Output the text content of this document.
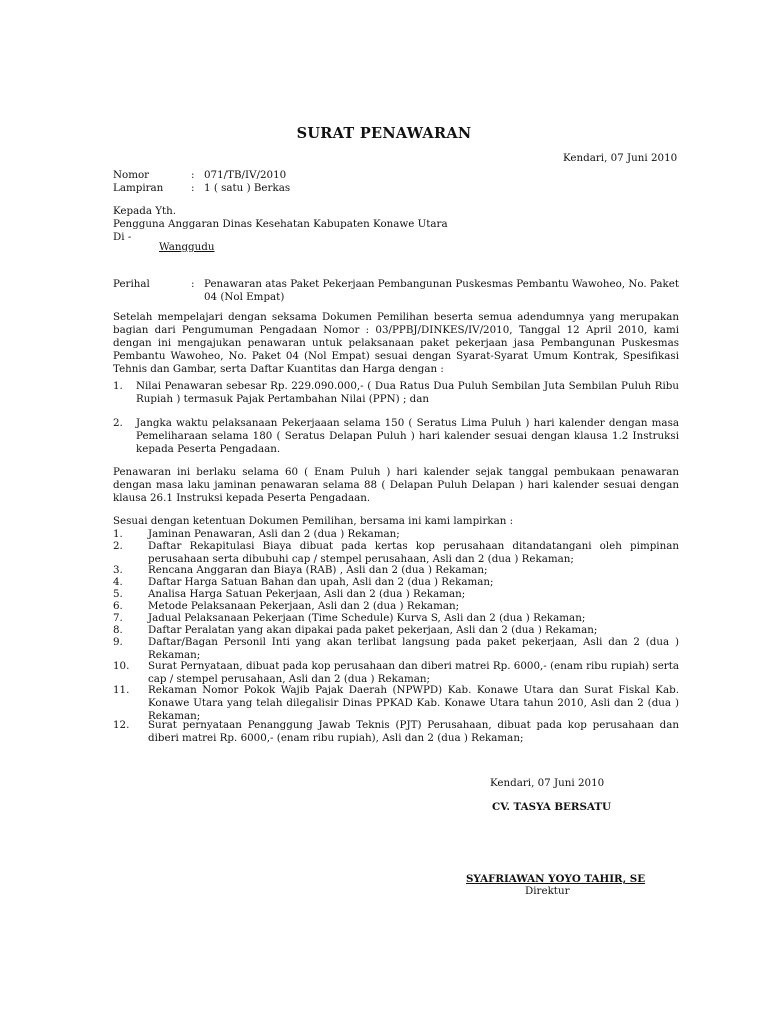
SURAT PENAWARAN
Kendari, 07 Juni 2010
Nomor	: 071/TB/IV/2010
Lampiran	: 1 ( satu ) Berkas
Kepada Yth.
Pengguna Anggaran Dinas Kesehatan Kabupaten Konawe Utara
Di -
Wanggudu
Perihal	: Penawaran atas Paket Pekerjaan Pembangunan Puskesmas Pembantu Wawoheo, No. Paket 04 (Nol Empat)
Setelah mempelajari dengan seksama Dokumen Pemilihan beserta semua adendumnya yang merupakan bagian dari Pengumuman Pengadaan Nomor : 03/PPBJ/DINKES/IV/2010, Tanggal 12 April 2010, kami dengan ini mengajukan penawaran untuk pelaksanaan paket pekerjaan jasa Pembangunan Puskesmas Pembantu Wawoheo, No. Paket 04 (Nol Empat) sesuai dengan Syarat-Syarat Umum Kontrak, Spesifikasi Tehnis dan Gambar, serta Daftar Kuantitas dan Harga dengan :
1. Nilai Penawaran sebesar Rp. 229.090.000,- ( Dua Ratus Dua Puluh Sembilan Juta Sembilan Puluh Ribu Rupiah ) termasuk Pajak Pertambahan Nilai (PPN) ; dan
2. Jangka waktu pelaksanaan Pekerjaaan selama 150 ( Seratus Lima Puluh ) hari kalender dengan masa Pemeliharaan selama 180 ( Seratus Delapan Puluh ) hari kalender sesuai dengan klausa 1.2 Instruksi kepada Peserta Pengadaan.
Penawaran ini berlaku selama 60 ( Enam Puluh ) hari kalender sejak tanggal pembukaan penawaran dengan masa laku jaminan penawaran selama 88 ( Delapan Puluh Delapan ) hari kalender sesuai dengan klausa 26.1 Instruksi kepada Peserta Pengadaan.
Sesuai dengan ketentuan Dokumen Pemilihan, bersama ini kami lampirkan :
1. Jaminan Penawaran, Asli dan 2 (dua ) Rekaman;
2. Daftar Rekapitulasi Biaya dibuat pada kertas kop perusahaan ditandatangani oleh pimpinan perusahaan serta dibubuhi cap / stempel perusahaan, Asli dan 2 (dua ) Rekaman;
3. Rencana Anggaran dan Biaya (RAB) , Asli dan 2 (dua ) Rekaman;
4. Daftar Harga Satuan Bahan dan upah, Asli dan 2 (dua ) Rekaman;
5. Analisa Harga Satuan Pekerjaan, Asli dan 2 (dua ) Rekaman;
6. Metode Pelaksanaan Pekerjaan, Asli dan 2 (dua ) Rekaman;
7. Jadual Pelaksanaan Pekerjaan (Time Schedule) Kurva S, Asli dan 2 (dua ) Rekaman;
8. Daftar Peralatan yang akan dipakai pada paket pekerjaan, Asli dan 2 (dua ) Rekaman;
9. Daftar/Bagan Personil Inti yang akan terlibat langsung pada paket pekerjaan, Asli dan 2 (dua ) Rekaman;
10. Surat Pernyataan, dibuat pada kop perusahaan dan diberi matrei Rp. 6000,- (enam ribu rupiah) serta cap / stempel perusahaan, Asli dan 2 (dua ) Rekaman;
11. Rekaman Nomor Pokok Wajib Pajak Daerah (NPWPD) Kab. Konawe Utara dan Surat Fiskal Kab. Konawe Utara yang telah dilegalisir Dinas PPKAD Kab. Konawe Utara tahun 2010, Asli dan 2 (dua ) Rekaman;
12. Surat pernyataan Penanggung Jawab Teknis (PJT) Perusahaan, dibuat pada kop perusahaan dan diberi matrei Rp. 6000,- (enam ribu rupiah), Asli dan 2 (dua ) Rekaman;
Kendari, 07 Juni 2010
CV. TASYA BERSATU
SYAFRIAWAN YOYO TAHIR, SE
Direktur
